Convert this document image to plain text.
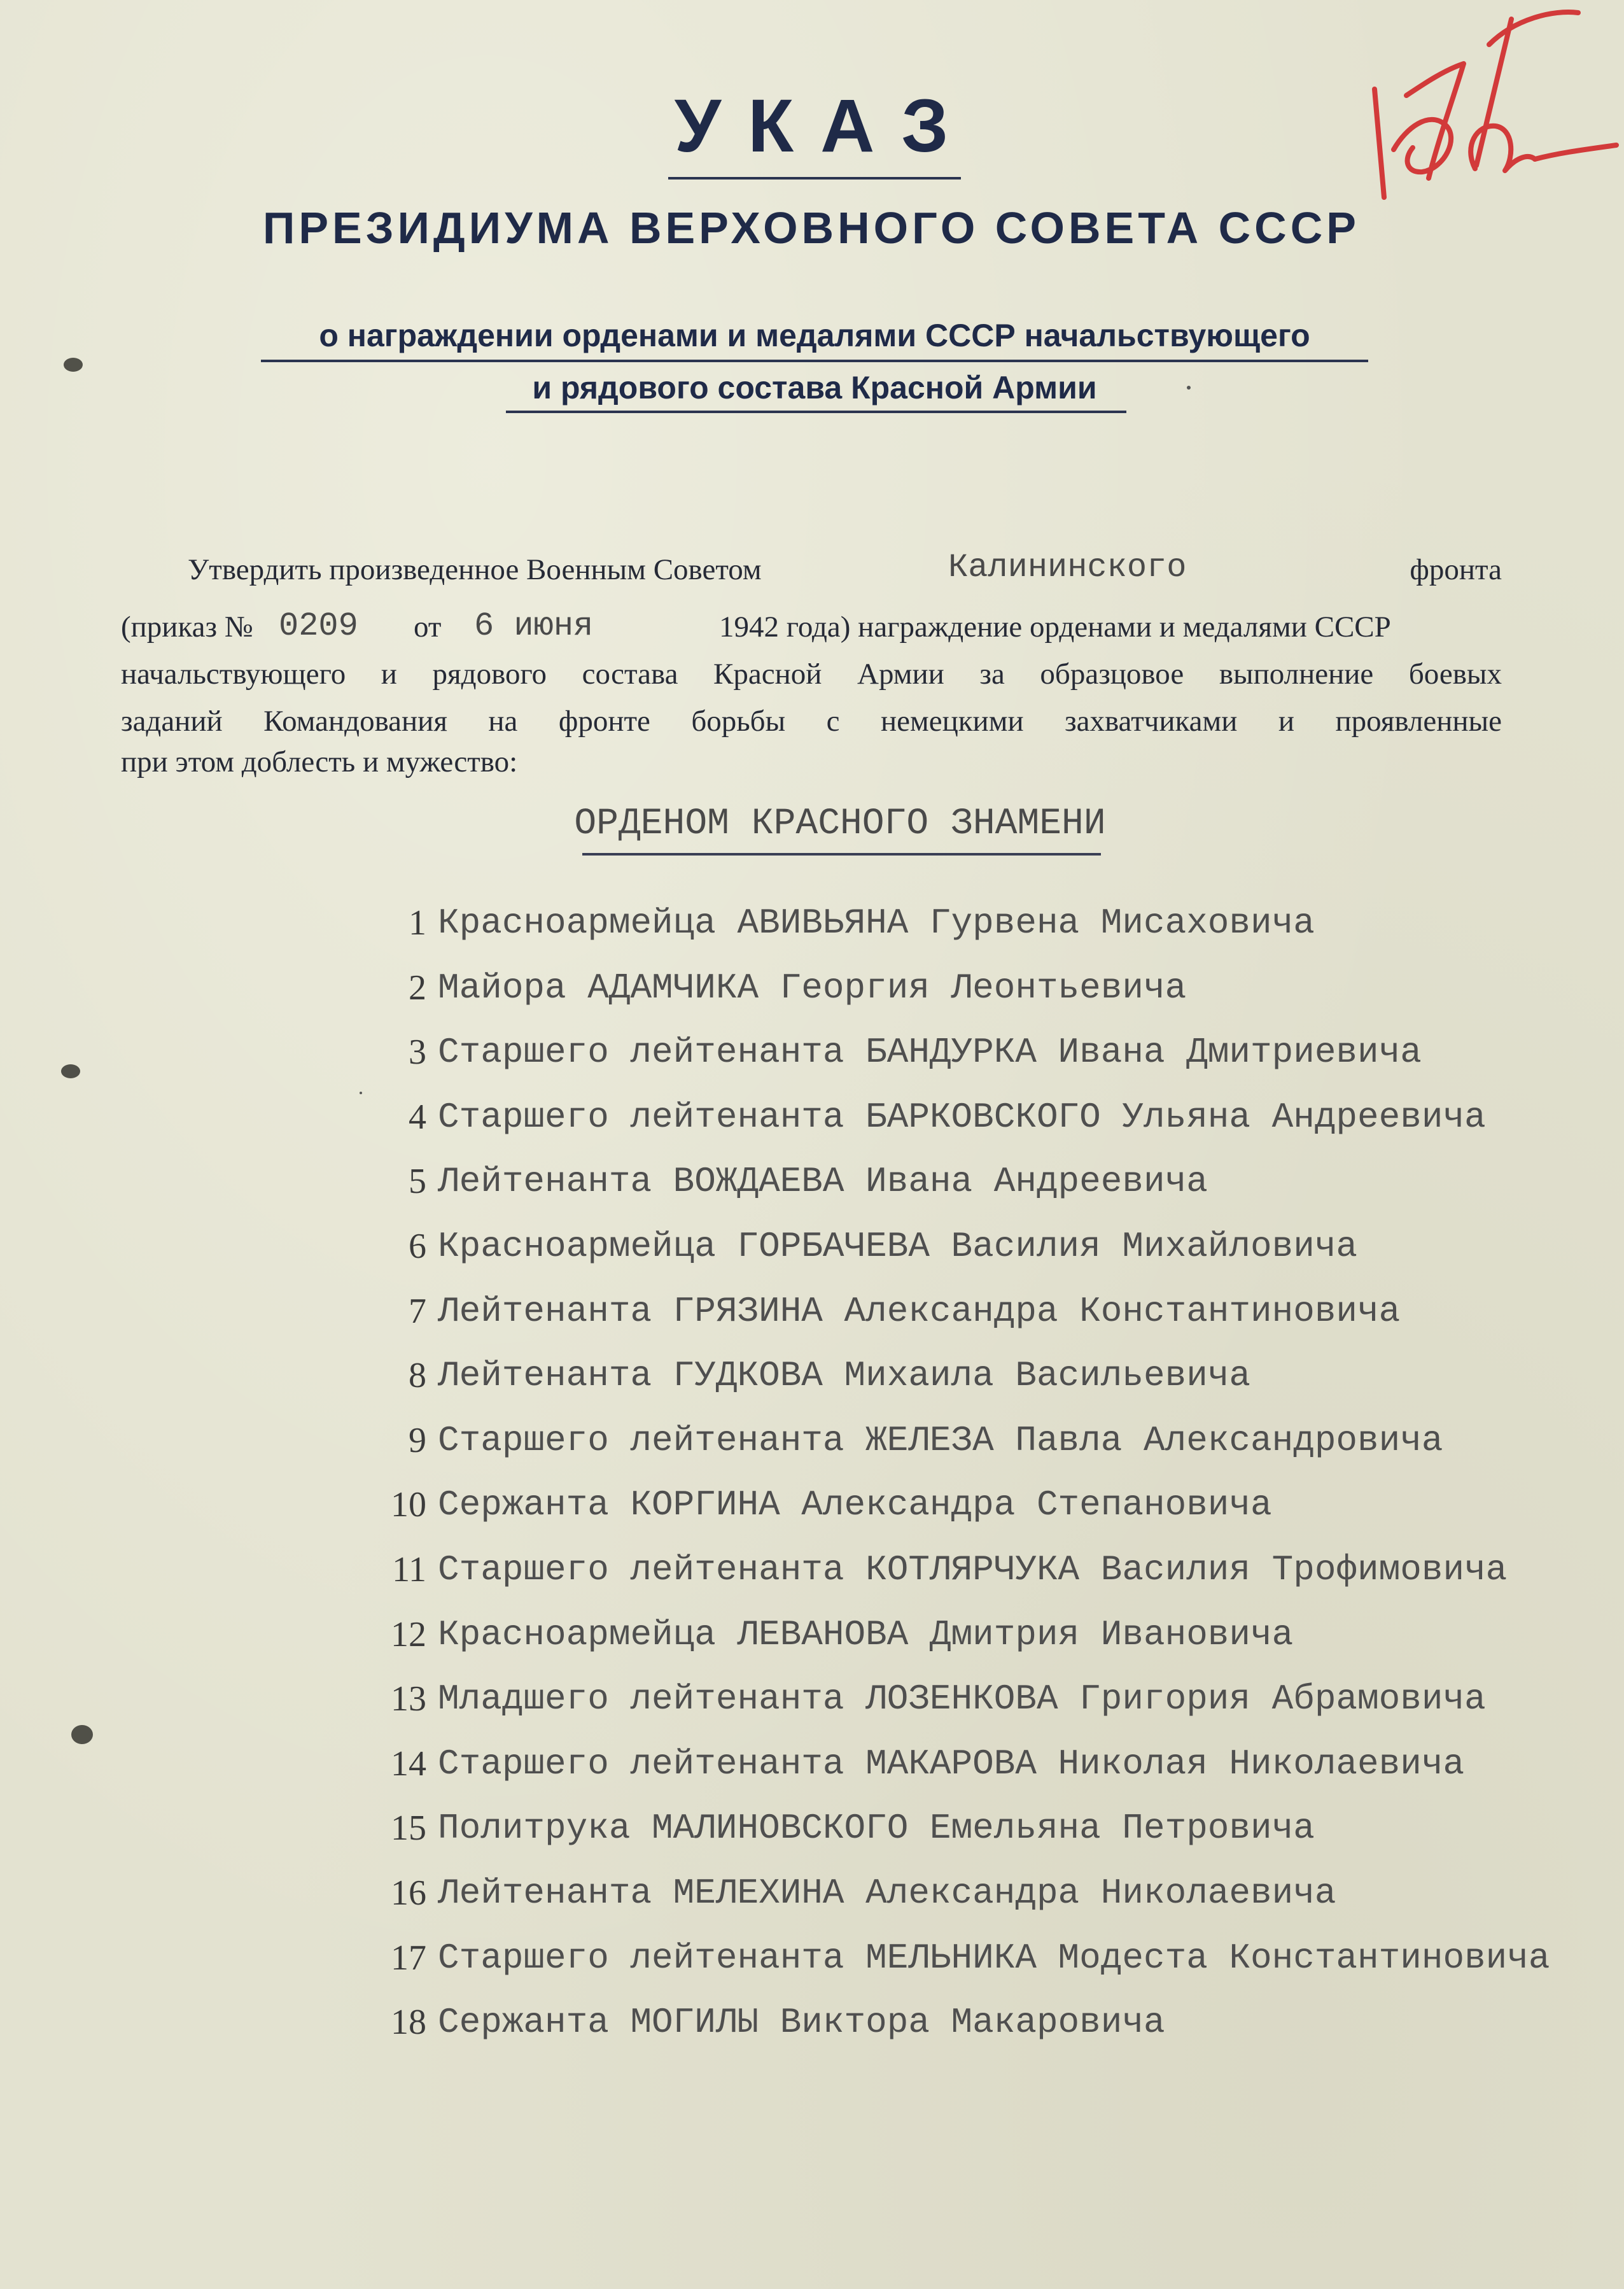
УКАЗ
ПРЕЗИДИУМА ВЕРХОВНОГО СОВЕТА СССР
о награждении орденами и медалями СССР начальствующего
и рядового состава Красной Армии
Утвердить произведенное Военным Советом	Калининского	фронта
(приказ № 0209 от 6 июня	1942 года) награждение орденами и медалями СССР
начальствующего и рядового состава Красной Армии за образцовое выполнение боевых
заданий Командования на фронте борьбы с немецкими захватчиками и проявленные
при этом доблесть и мужество:
ОРДЕНОМ КРАСНОГО ЗНАМЕНИ
1 Красноармейца АВИВЬЯНА Гурвена Мисаховича
2 Майора АДАМЧИКА Георгия Леонтьевича
3 Старшего лейтенанта БАНДУРКА Ивана Дмитриевича
4 Старшего лейтенанта БАРКОВСКОГО Ульяна Андреевича
5 Лейтенанта ВОЖДАЕВА Ивана Андреевича
6 Красноармейца ГОРБАЧЕВА Василия Михайловича
7 Лейтенанта ГРЯЗИНА Александра Константиновича
8 Лейтенанта ГУДКОВА Михаила Васильевича
9 Старшего лейтенанта ЖЕЛЕЗА Павла Александровича
10 Сержанта КОРГИНА Александра Степановича
11 Старшего лейтенанта КОТЛЯРЧУКА Василия Трофимовича
12 Красноармейца ЛЕВАНОВА Дмитрия Ивановича
13 Младшего лейтенанта ЛОЗЕНКОВА Григория Абрамовича
14 Старшего лейтенанта МАКАРОВА Николая Николаевича
15 Политрука МАЛИНОВСКОГО Емельяна Петровича
16 Лейтенанта МЕЛЕХИНА Александра Николаевича
17 Старшего лейтенанта МЕЛЬНИКА Модеста Константиновича
18 Сержанта МОГИЛЫ Виктора Макаровича
